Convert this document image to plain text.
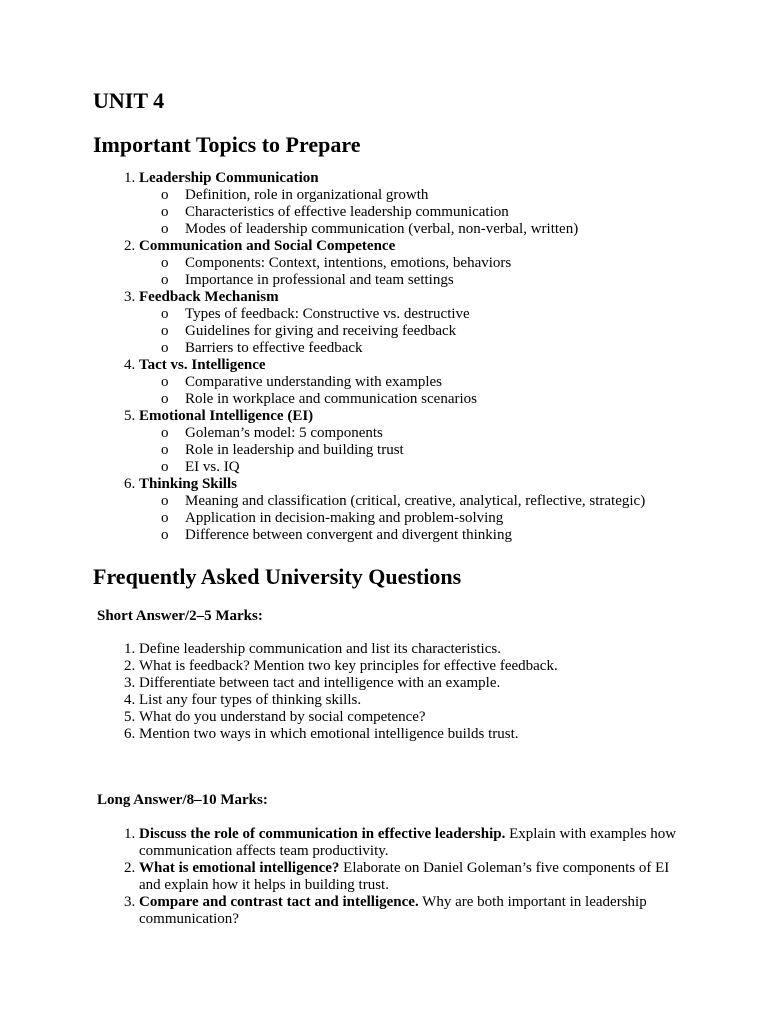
UNIT 4
Important Topics to Prepare
1. Leadership Communication
o Definition, role in organizational growth
o Characteristics of effective leadership communication
o Modes of leadership communication (verbal, non-verbal, written)
2. Communication and Social Competence
o Components: Context, intentions, emotions, behaviors
o Importance in professional and team settings
3. Feedback Mechanism
o Types of feedback: Constructive vs. destructive
o Guidelines for giving and receiving feedback
o Barriers to effective feedback
4. Tact vs. Intelligence
o Comparative understanding with examples
o Role in workplace and communication scenarios
5. Emotional Intelligence (EI)
o Goleman’s model: 5 components
o Role in leadership and building trust
o EI vs. IQ
6. Thinking Skills
o Meaning and classification (critical, creative, analytical, reflective, strategic)
o Application in decision-making and problem-solving
o Difference between convergent and divergent thinking
Frequently Asked University Questions
Short Answer/2–5 Marks:
1. Define leadership communication and list its characteristics.
2. What is feedback? Mention two key principles for effective feedback.
3. Differentiate between tact and intelligence with an example.
4. List any four types of thinking skills.
5. What do you understand by social competence?
6. Mention two ways in which emotional intelligence builds trust.
Long Answer/8–10 Marks:
1. Discuss the role of communication in effective leadership. Explain with examples how communication affects team productivity.
2. What is emotional intelligence? Elaborate on Daniel Goleman’s five components of EI and explain how it helps in building trust.
3. Compare and contrast tact and intelligence. Why are both important in leadership communication?
